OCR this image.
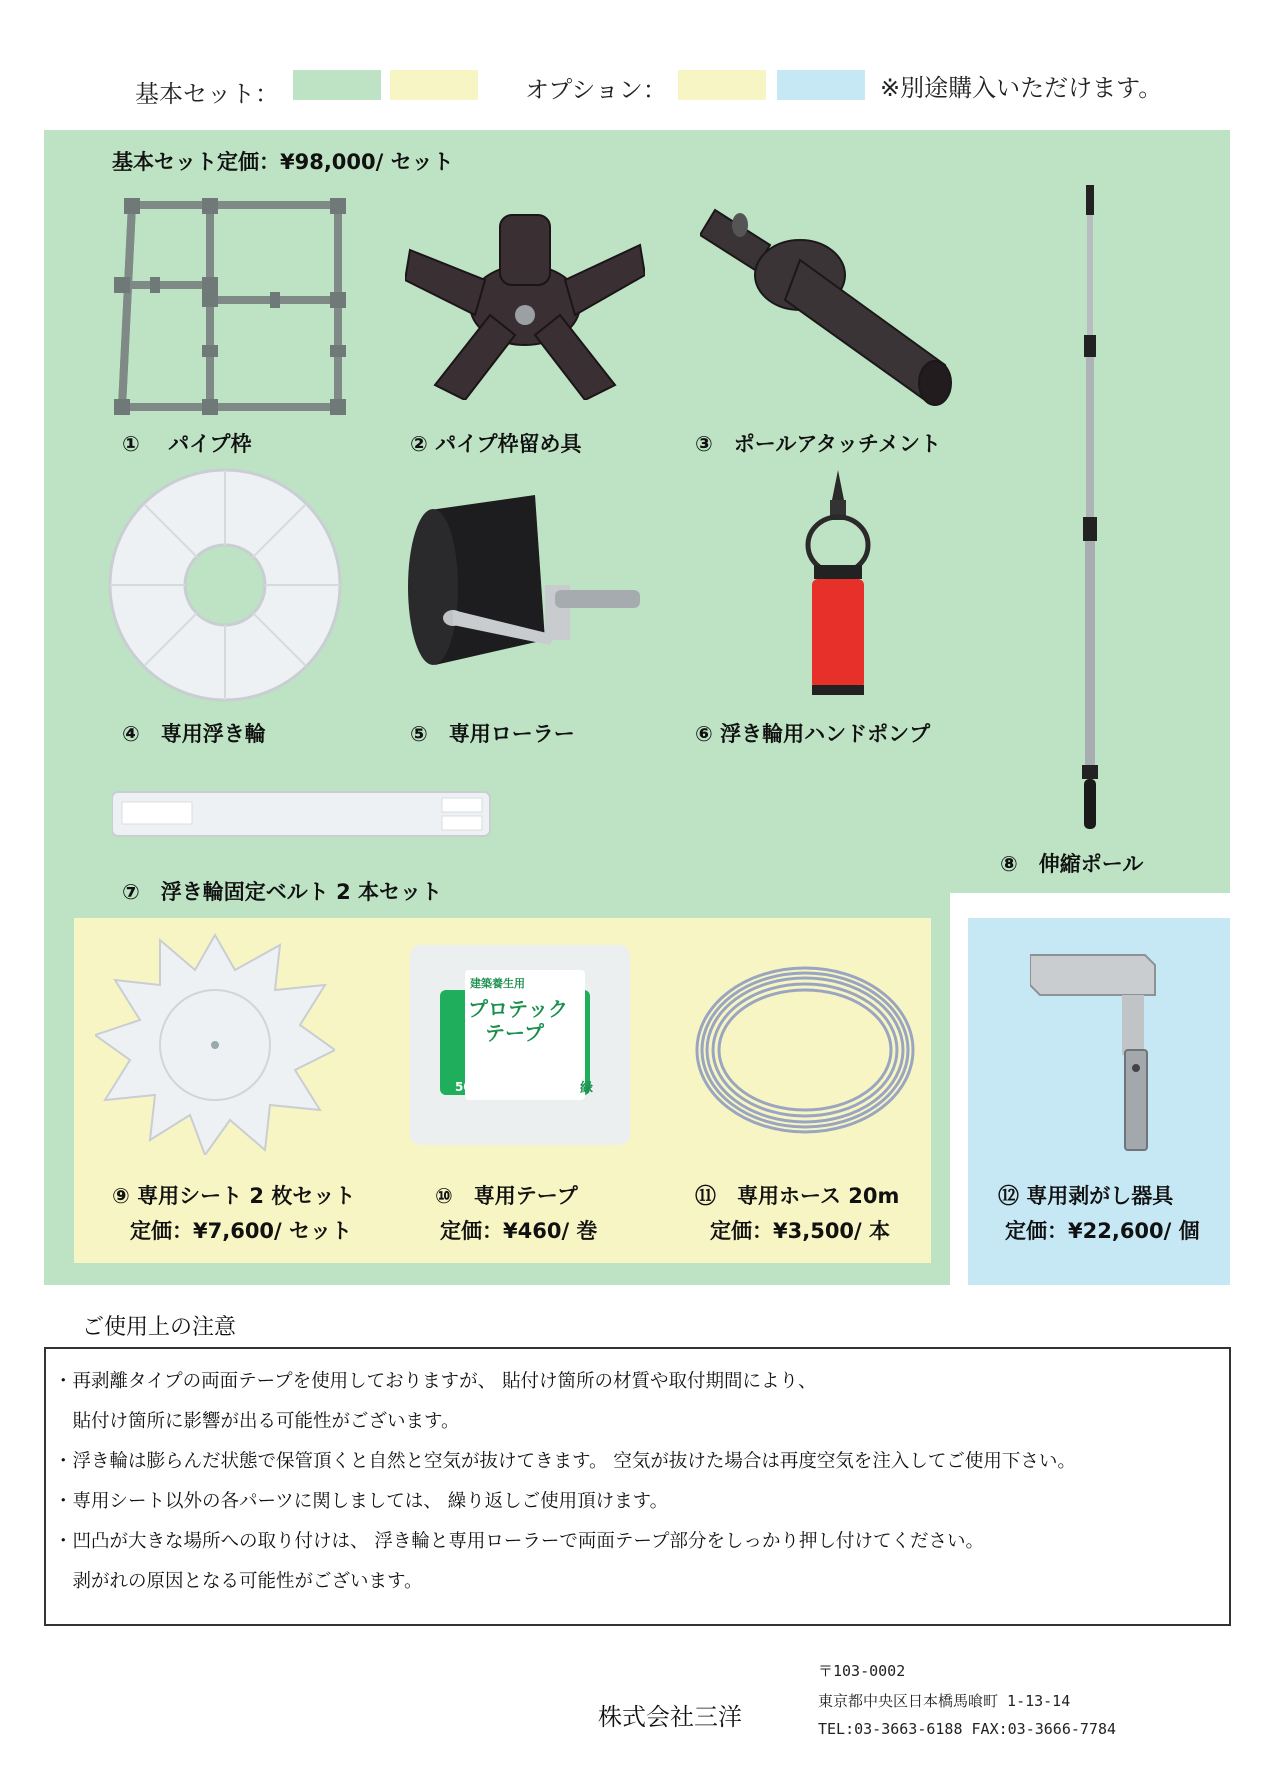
基本セット：	オプション：	※別途購入いただけます。
基本セット定価：¥98,000/ セット
①　 パイプ枠	② パイプ枠留め具	③　ポールアタッチメント
⑧　伸縮ポール
④　専用浮き輪	⑤　専用ローラー	⑥ 浮き輪用ハンドポンプ
⑦　浮き輪固定ベルト 2 本セット
⑨ 専用シート 2 枚セット
定価：¥7,600/ セット
建築養生用
プロテック
テープ
50mm × 25m	緑
⑩　専用テープ
定価：¥460/ 巻
⑪　専用ホース 20m
定価：¥3,500/ 本
⑫ 専用剥がし器具
定価：¥22,600/ 個
ご使用上の注意
・再剥離タイプの両面テープを使用しておりますが、 貼付け箇所の材質や取付期間により、
　貼付け箇所に影響が出る可能性がございます。
・浮き輪は膨らんだ状態で保管頂くと自然と空気が抜けてきます。 空気が抜けた場合は再度空気を注入してご使用下さい。
・専用シート以外の各パーツに関しましては、 繰り返しご使用頂けます。
・凹凸が大きな場所への取り付けは、 浮き輪と専用ローラーで両面テープ部分をしっかり押し付けてください。
　剥がれの原因となる可能性がございます。
株式会社三洋
〒103-0002
東京都中央区日本橋馬喰町 1-13-14
TEL:03-3663-6188 FAX:03-3666-7784
